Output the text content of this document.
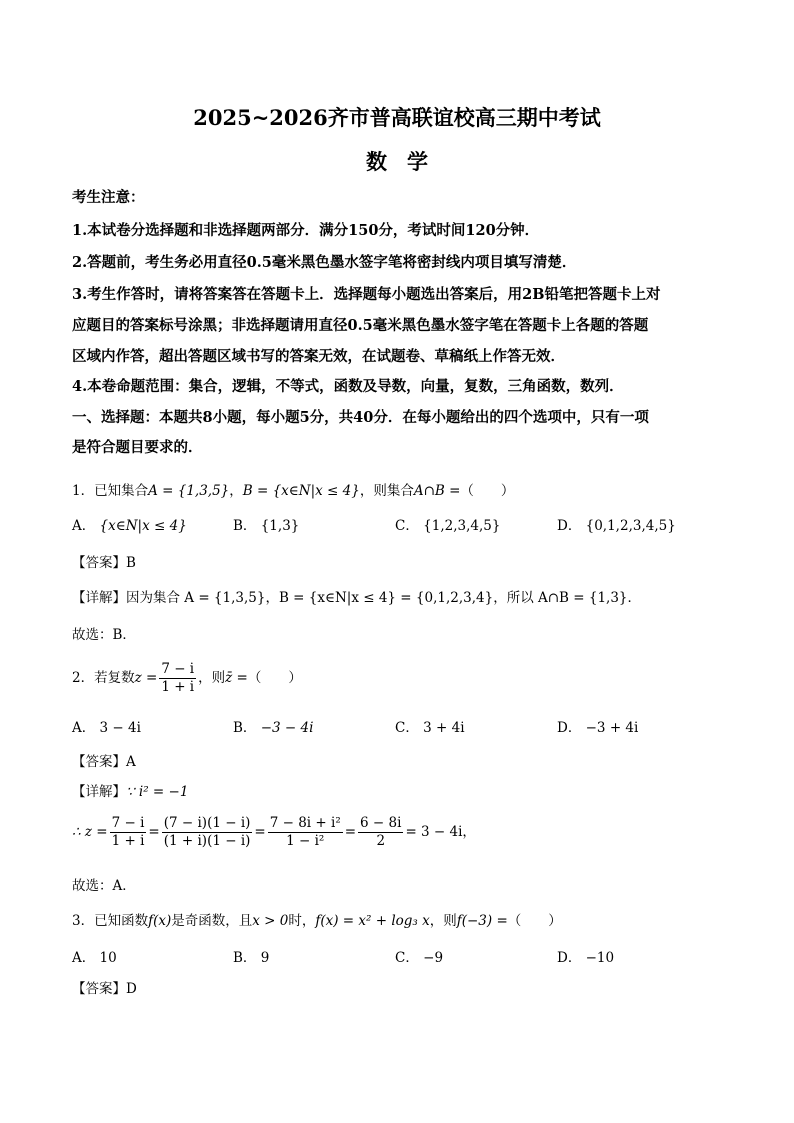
2025~2026齐市普高联谊校高三期中考试
数学
考生注意：
1.本试卷分选择题和非选择题两部分．满分150分，考试时间120分钟．
2.答题前，考生务必用直径0.5毫米黑色墨水签字笔将密封线内项目填写清楚．
3.考生作答时，请将答案答在答题卡上．选择题每小题选出答案后，用2B铅笔把答题卡上对
应题目的答案标号涂黑；非选择题请用直径0.5毫米黑色墨水签字笔在答题卡上各题的答题
区域内作答，超出答题区域书写的答案无效，在试题卷、草稿纸上作答无效．
4.本卷命题范围：集合，逻辑，不等式，函数及导数，向量，复数，三角函数，数列．
一、选择题：本题共8小题，每小题5分，共40分．在每小题给出的四个选项中，只有一项
是符合题目要求的．
1．已知集合A = {1,3,5}，B = {x∈N|x ≤ 4}，则集合A∩B =（　　）
A． {x∈N|x ≤ 4}	B． {1,3}	C． {1,2,3,4,5}	D． {0,1,2,3,4,5}
【答案】B
【详解】因为集合 A = {1,3,5}，B = {x∈N|x ≤ 4} = {0,1,2,3,4}，所以 A∩B = {1,3}．
故选：B．
2．若复数$z = \frac{7 - i}{1 + i}$ ，则z̄ =（　　）
A． 3 − 4i	B． −3 − 4i	C． 3 + 4i	D． −3 + 4i
【答案】A
【详解】∵ i² = −1
∴ $z = \frac{7 - i}{1 + i} = \frac{(7 - i)(1 - i)}{(1 + i)(1 - i)} = \frac{\text{7 − 8i + i²}}{\text{1 − i²}} = \frac{6 - 8i}{2} = 3 - 4i$，
故选：A．
3．已知函数f(x)是奇函数，且x > 0时，f(x) = x² + log₃ x，则f(−3) =（　　）
A． 10	B． 9	C． −9	D． −10
【答案】D
